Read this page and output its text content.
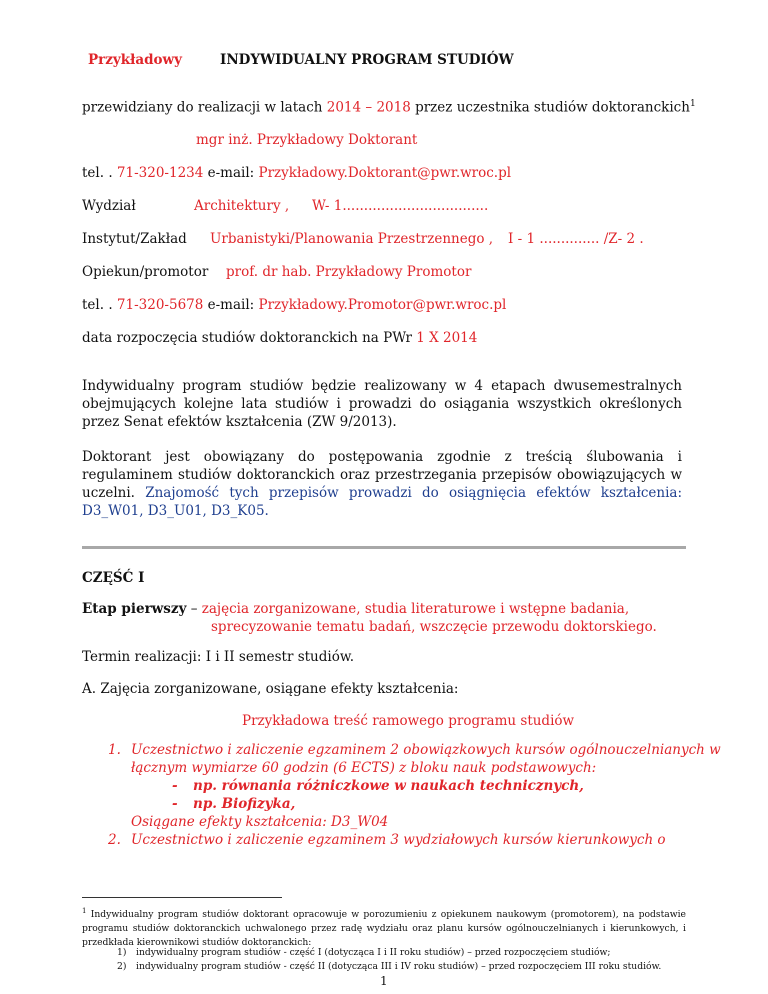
Przykładowy	INDYWIDUALNY PROGRAM STUDIÓW
przewidziany do realizacji w latach 2014 – 2018 przez uczestnika studiów doktoranckich$^1$
mgr inż. Przykładowy Doktorant
tel. . 71-320-1234 e-mail: Przykładowy.Doktorant@pwr.wroc.pl
Wydział	Architektury , W- 1..................................
Instytut/Zakład Urbanistyki/Planowania Przestrzennego , I - 1 .............. /Z- 2 .
Opiekun/promotor prof. dr hab. Przykładowy Promotor
tel. . 71-320-5678 e-mail: Przykładowy.Promotor@pwr.wroc.pl
data rozpoczęcia studiów doktoranckich na PWr 1 X 2014
Indywidualny program studiów będzie realizowany w 4 etapach dwusemestralnych obejmujących kolejne lata studiów i prowadzi do osiągania wszystkich określonych przez Senat efektów kształcenia (ZW 9/2013).
Doktorant jest obowiązany do postępowania zgodnie z treścią ślubowania i regulaminem studiów doktoranckich oraz przestrzegania przepisów obowiązujących w uczelni. Znajomość tych przepisów prowadzi do osiągnięcia efektów kształcenia: D3_W01, D3_U01, D3_K05.
CZĘŚĆ I
Etap pierwszy – zajęcia zorganizowane, studia literaturowe i wstępne badania,
sprecyzowanie tematu badań, wszczęcie przewodu doktorskiego.
Termin realizacji: I i II semestr studiów.
A. Zajęcia zorganizowane, osiągane efekty kształcenia:
Przykładowa treść ramowego programu studiów
1. Uczestnictwo i zaliczenie egzaminem 2 obowiązkowych kursów ogólnouczelnianych w
łącznym wymiarze 60 godzin (6 ECTS) z bloku nauk podstawowych:
- np. równania różniczkowe w naukach technicznych,
- np. Biofizyka,
Osiągane efekty kształcenia: D3_W04
2. Uczestnictwo i zaliczenie egzaminem 3 wydziałowych kursów kierunkowych o
$^1$ Indywidualny program studiów doktorant opracowuje w porozumieniu z opiekunem naukowym (promotorem), na podstawie programu studiów doktoranckich uchwalonego przez radę wydziału oraz planu kursów ogólnouczelnianych i kierunkowych, i przedkłada kierownikowi studiów doktoranckich:
1) indywidualny program studiów - część I (dotycząca I i II roku studiów) – przed rozpoczęciem studiów;
2) indywidualny program studiów - część II (dotycząca III i IV roku studiów) – przed rozpoczęciem III roku studiów.
1
